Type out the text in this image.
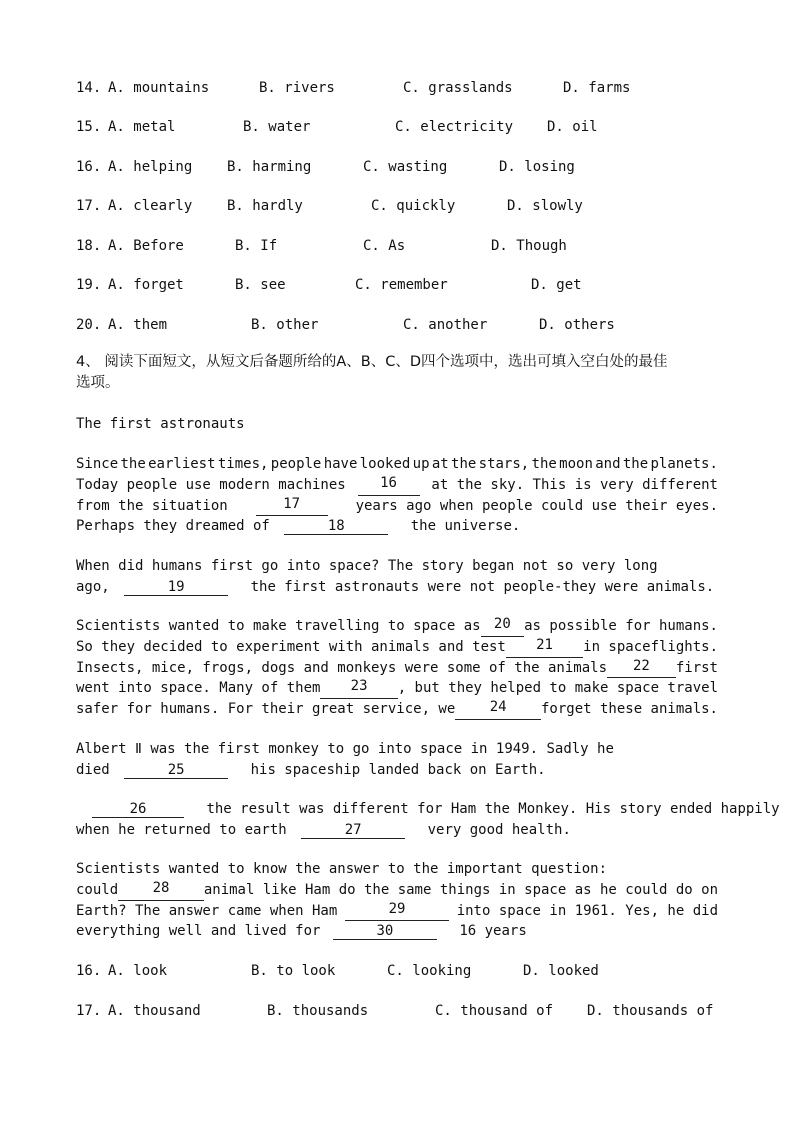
14. A. mountains	B. rivers	C. grasslands	D. farms
15. A. metal	B. water	C. electricity D. oil
16. A. helping B. harming	C. wasting	D. losing
17. A. clearly B. hardly	C. quickly	D. slowly
18. A. Before	B. If	C. As	D. Though
19. A. forget	B. see	C. remember	D. get
20. A. them	B. other	C. another	D. others
4、 阅读下面短文，从短文后备题所给的A、B、C、D四个选项中，选出可填入空白处的最佳
选项。
The first astronauts
Since the earliest times, people have looked up at the stars, the moon and the planets.
Today people use modern machines	16	at the sky. This is very different
from the situation	17	years ago when people could use their eyes.
Perhaps they dreamed of	18	the universe.
When did humans first go into space? The story began not so very long
ago,	19	the first astronauts were not people-they were animals.
Scientists wanted to make travelling to space as 20 as possible for humans.
So they decided to experiment with animals and test	21	in spaceflights.
Insects, mice, frogs, dogs and monkeys were some of the animals	22	first
went into space. Many of them	23	, but they helped to make space travel
safer for humans. For their great service, we	24	forget these animals.
Albert Ⅱ was the first monkey to go into space in 1949. Sadly he
died	25	his spaceship landed back on Earth.
26	the result was different for Ham the Monkey. His story ended happily
when he returned to earth	27	very good health.
Scientists wanted to know the answer to the important question:
could	28	animal like Ham do the same things in space as he could do on
Earth? The answer came when Ham	29	into space in 1961. Yes, he did
everything well and lived for	30	16 years
16. A. look	B. to look	C. looking	D. looked
17. A. thousand	B. thousands	C. thousand of D. thousands of
